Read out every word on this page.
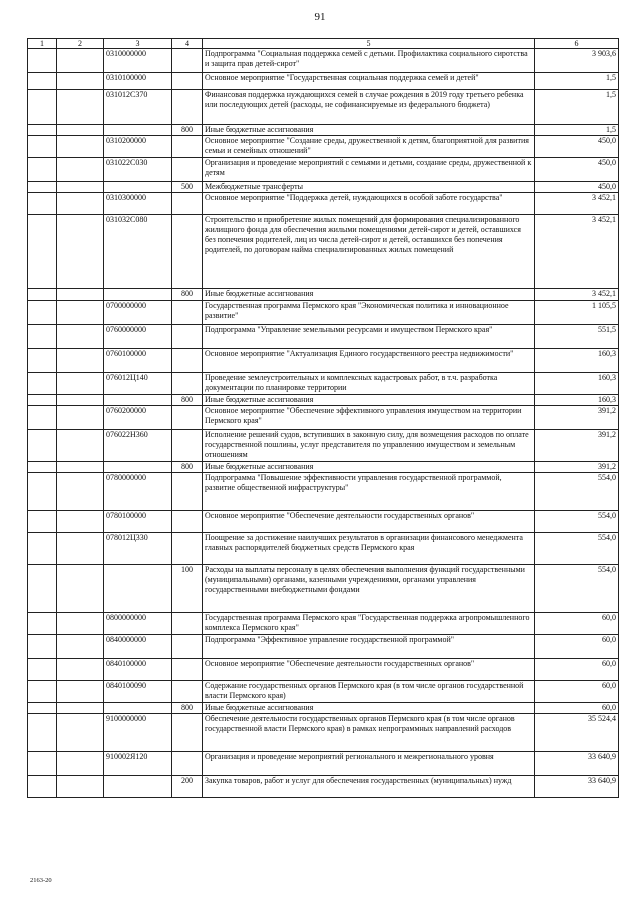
91
1	2	3	4	5	6
		0310000000		Подпрограмма "Социальная поддержка семей с детьми. Профилактика социального сиротства и защита прав детей-сирот"	3 903,6
		0310100000		Основное мероприятие "Государственная социальная поддержка семей и детей"	1,5
		031012С370		Финансовая поддержка нуждающихся семей в случае рождения в 2019 году третьего ребенка или последующих детей (расходы, не софинансируемые из федерального бюджета)	1,5
			800	Иные бюджетные ассигнования	1,5
		0310200000		Основное мероприятие "Создание среды, дружественной к детям, благоприятной для развития семьи и семейных отношений"	450,0
		031022С030		Организация и проведение мероприятий с семьями и детьми, создание среды, дружественной к детям	450,0
			500	Межбюджетные трансферты	450,0
		0310300000		Основное мероприятие "Поддержка детей, нуждающихся в особой заботе государства"	3 452,1
		031032С080		Строительство и приобретение жилых помещений для формирования специализированного жилищного фонда для обеспечения жилыми помещениями детей-сирот и детей, оставшихся без попечения родителей, лиц из числа детей-сирот и детей, оставшихся без попечения родителей, по договорам найма специализированных жилых помещений	3 452,1
			800	Иные бюджетные ассигнования	3 452,1
		0700000000		Государственная программа Пермского края "Экономическая политика и инновационное развитие"	1 105,5
		0760000000		Подпрограмма "Управление земельными ресурсами и имуществом Пермского края"	551,5
		0760100000		Основное мероприятие "Актуализация Единого государственного реестра недвижимости"	160,3
		076012Ц140		Проведение землеустроительных и комплексных кадастровых работ, в т.ч. разработка документации по планировке территории	160,3
			800	Иные бюджетные ассигнования	160,3
		0760200000		Основное мероприятие "Обеспечение эффективного управления имуществом на территории Пермского края"	391,2
		076022Н360		Исполнение решений судов, вступивших в законную силу, для возмещения расходов по оплате государственной пошлины, услуг представителя по управлению имуществом и земельным отношениям	391,2
			800	Иные бюджетные ассигнования	391,2
		0780000000		Подпрограмма "Повышение эффективности управления государственной программой, развитие общественной инфраструктуры"	554,0
		0780100000		Основное мероприятие "Обеспечение деятельности государственных органов"	554,0
		078012Ц330		Поощрение за достижение наилучших результатов в организации финансового менеджмента главных распорядителей бюджетных средств Пермского края	554,0
			100	Расходы на выплаты персоналу в целях обеспечения выполнения функций государственными (муниципальными) органами, казенными учреждениями, органами управления государственными внебюджетными фондами	554,0
		0800000000		Государственная программа Пермского края "Государственная поддержка агропромышленного комплекса Пермского края"	60,0
		0840000000		Подпрограмма "Эффективное управление государственной программой"	60,0
		0840100000		Основное мероприятие "Обеспечение деятельности государственных органов"	60,0
		0840100090		Содержание государственных органов Пермского края (в том числе органов государственной власти Пермского края)	60,0
			800	Иные бюджетные ассигнования	60,0
		9100000000		Обеспечение деятельности государственных органов Пермского края (в том числе органов государственной власти Пермского края) в рамках непрограммных направлений расходов	35 524,4
		910002Я120		Организация и проведение мероприятий регионального и межрегионального уровня	33 640,9
			200	Закупка товаров, работ и услуг для обеспечения государственных (муниципальных) нужд	33 640,9
2163-20
